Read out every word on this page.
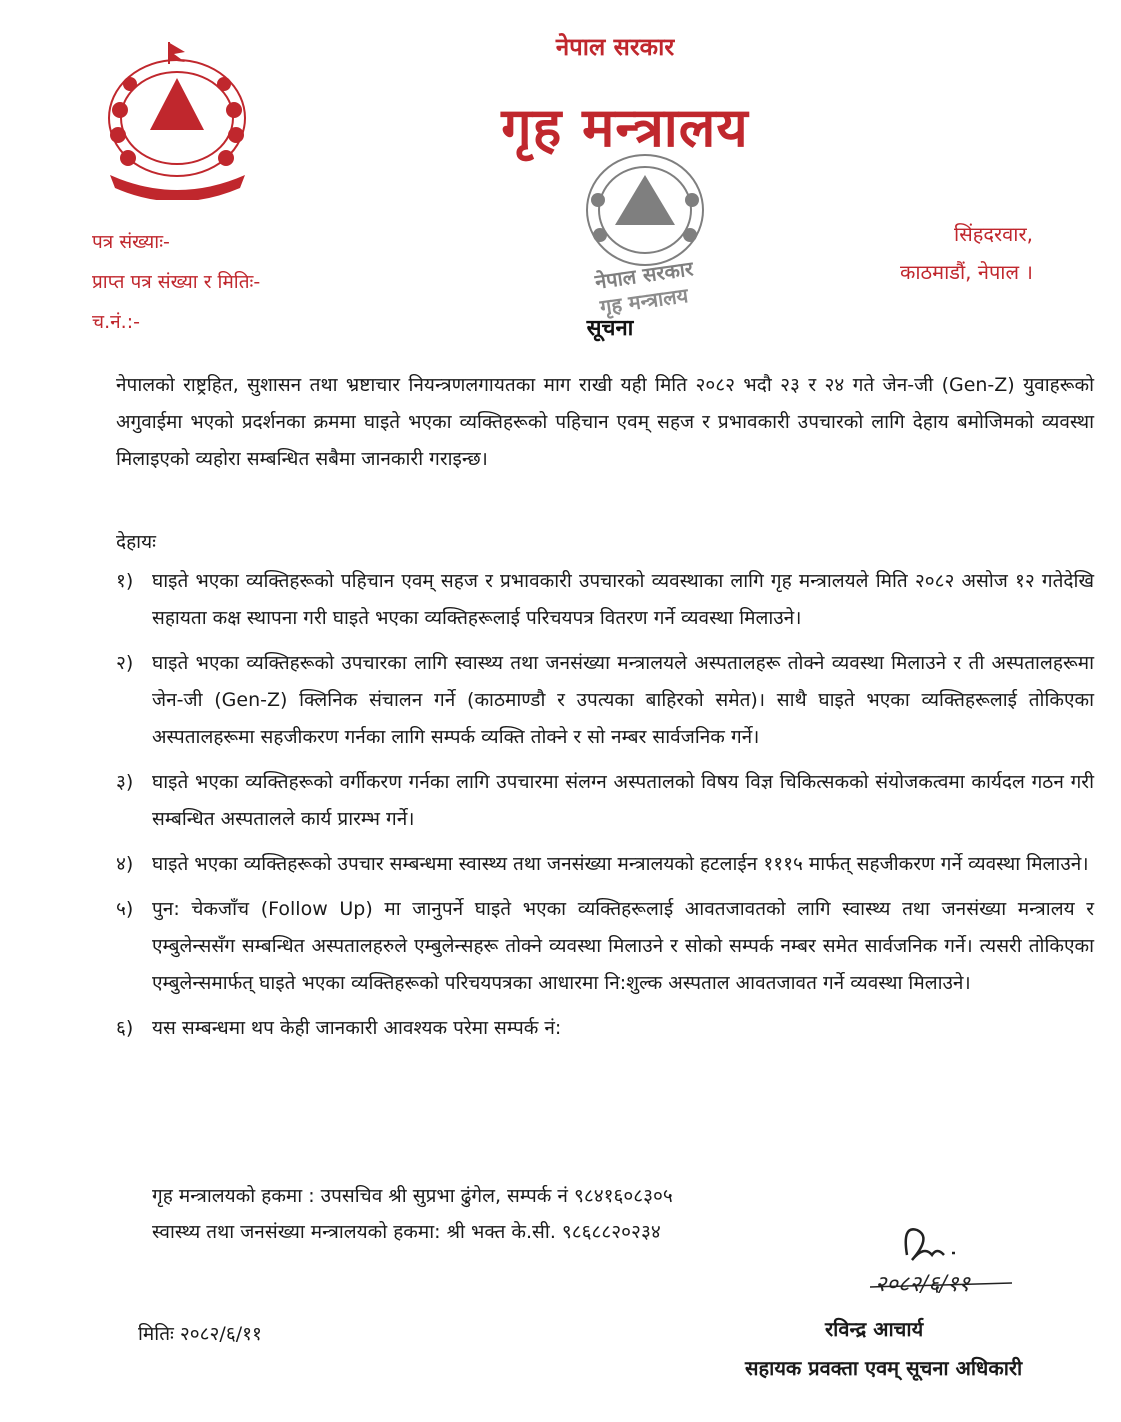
नेपाल सरकार
गृह मन्त्रालय
नेपाल सरकार
गृह मन्त्रालय
पत्र संख्याः-
प्राप्त पत्र संख्या र मितिः-
च.नं.:-
सिंहदरवार,
काठमाडौं, नेपाल ।
सूचना
नेपालको राष्ट्रहित, सुशासन तथा भ्रष्टाचार नियन्त्रणलगायतका माग राखी यही मिति २०८२ भदौ २३ र २४ गते जेन-जी (Gen-Z) युवाहरूको अगुवाईमा भएको प्रदर्शनका क्रममा घाइते भएका व्यक्तिहरूको पहिचान एवम् सहज र प्रभावकारी उपचारको लागि देहाय बमोजिमको व्यवस्था मिलाइएको व्यहोरा सम्बन्धित सबैमा जानकारी गराइन्छ।
देहायः
१) घाइते भएका व्यक्तिहरूको पहिचान एवम् सहज र प्रभावकारी उपचारको व्यवस्थाका लागि गृह मन्त्रालयले मिति २०८२ असोज १२ गतेदेखि सहायता कक्ष स्थापना गरी घाइते भएका व्यक्तिहरूलाई परिचयपत्र वितरण गर्ने व्यवस्था मिलाउने।
२) घाइते भएका व्यक्तिहरूको उपचारका लागि स्वास्थ्य तथा जनसंख्या मन्त्रालयले अस्पतालहरू तोक्ने व्यवस्था मिलाउने र ती अस्पतालहरूमा जेन-जी (Gen-Z) क्लिनिक संचालन गर्ने (काठमाण्डौ र उपत्यका बाहिरको समेत)। साथै घाइते भएका व्यक्तिहरूलाई तोकिएका अस्पतालहरूमा सहजीकरण गर्नका लागि सम्पर्क व्यक्ति तोक्ने र सो नम्बर सार्वजनिक गर्ने।
३) घाइते भएका व्यक्तिहरूको वर्गीकरण गर्नका लागि उपचारमा संलग्न अस्पतालको विषय विज्ञ चिकित्सकको संयोजकत्वमा कार्यदल गठन गरी सम्बन्धित अस्पतालले कार्य प्रारम्भ गर्ने।
४) घाइते भएका व्यक्तिहरूको उपचार सम्बन्धमा स्वास्थ्य तथा जनसंख्या मन्त्रालयको हटलाईन १११५ मार्फत् सहजीकरण गर्ने व्यवस्था मिलाउने।
५) पुन: चेकजाँच (Follow Up) मा जानुपर्ने घाइते भएका व्यक्तिहरूलाई आवतजावतको लागि स्वास्थ्य तथा जनसंख्या मन्त्रालय र एम्बुलेन्ससँग सम्बन्धित अस्पतालहरुले एम्बुलेन्सहरू तोक्ने व्यवस्था मिलाउने र सोको सम्पर्क नम्बर समेत सार्वजनिक गर्ने। त्यसरी तोकिएका एम्बुलेन्समार्फत् घाइते भएका व्यक्तिहरूको परिचयपत्रका आधारमा नि:शुल्क अस्पताल आवतजावत गर्ने व्यवस्था मिलाउने।
६) यस सम्बन्धमा थप केही जानकारी आवश्यक परेमा सम्पर्क नं:
गृह मन्त्रालयको हकमा : उपसचिव श्री सुप्रभा ढुंगेल, सम्पर्क नं ९८४१६०८३०५
स्वास्थ्य तथा जनसंख्या मन्त्रालयको हकमा: श्री भक्त के.सी. ९८६८८२०२३४
२०८२/६/११
मितिः २०८२/६/११	रविन्द्र आचार्य
सहायक प्रवक्ता एवम् सूचना अधिकारी
